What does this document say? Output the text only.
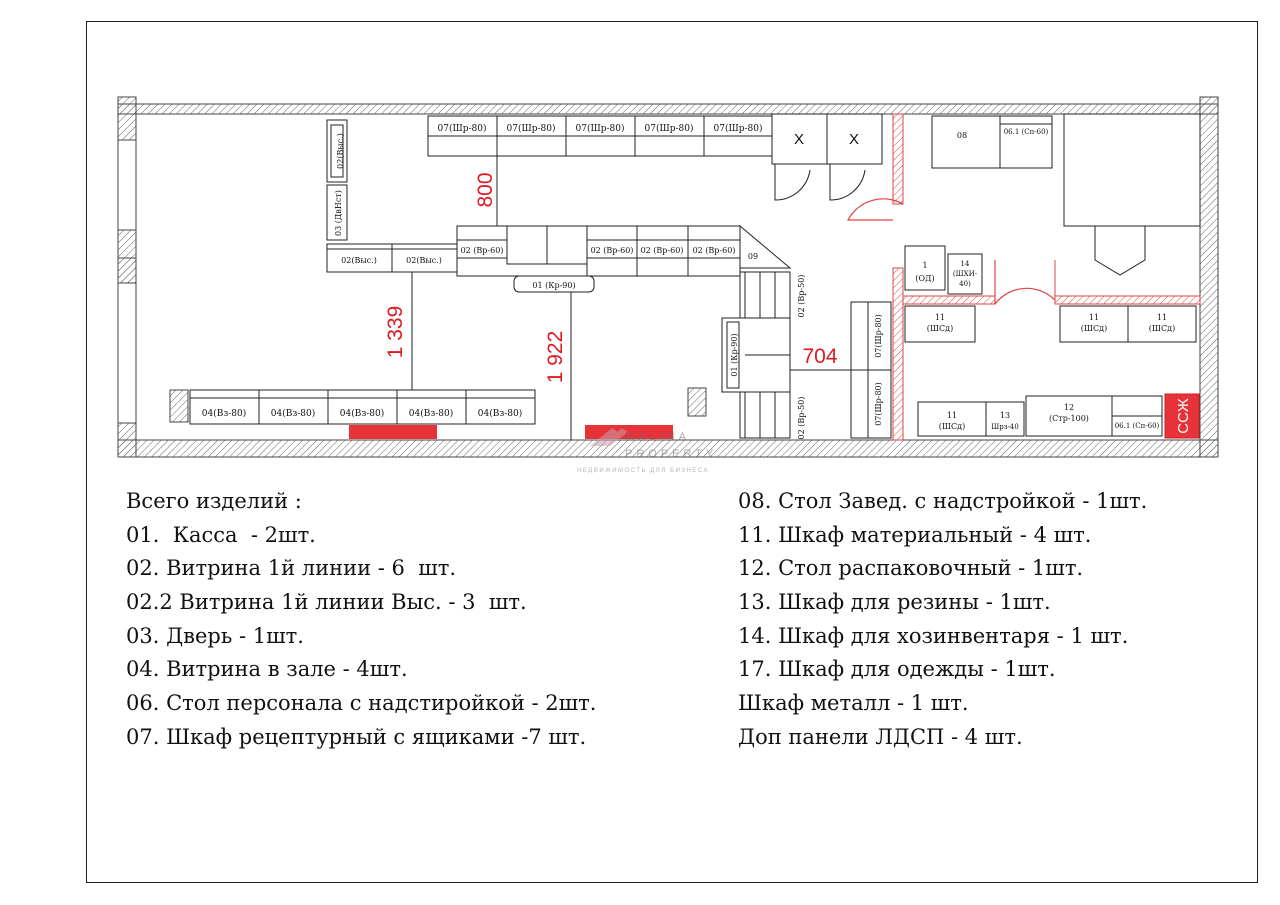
07(Шр-80) 07(Шр-80) 07(Шр-80) 07(Шр-80) 07(Шр-80)
X	X
02(Выс.)
03 (ДвНст)
02(Выс.)	02(Выс.)
02 (Вр-60)	02 (Вр-60) 02 (Вр-60) 02 (Вр-60)
01 (Кр-90)
09
01 (Кр-90)
02 (Вр-50)
02 (Вр-50)
07(Шр-80)
07(Шр-80)
04(Вз-80)	04(Вз-80)	04(Вз-80)	04(Вз-80)	04(Вз-80)
800
1 339	1 922	704
08	06.1 (Сп-60)
1
(ОД)
14
(ШХИ-
40)
11
(ШСд)
11
(ШСд)
11
(ШСд)
11
(ШСд)
13
Шрз-40
12
(Стр-100)
06.1 (Сп-60) ССЖ
MALINA
PROPERTY
НЕДВИЖИМОСТЬ ДЛЯ БИЗНЕСА
Всего изделий :
01.  Касса  - 2шт.
02. Витрина 1й линии - 6  шт.
02.2 Витрина 1й линии Выс. - 3  шт.
03. Дверь - 1шт.
04. Витрина в зале - 4шт.
06. Стол персонала с надстиройкой - 2шт.
07. Шкаф рецептурный с ящиками -7 шт.
08. Стол Завед. с надстройкой - 1шт.
11. Шкаф материальный - 4 шт.
12. Стол распаковочный - 1шт.
13. Шкаф для резины - 1шт.
14. Шкаф для хозинвентаря - 1 шт.
17. Шкаф для одежды - 1шт.
Шкаф металл - 1 шт.
Доп панели ЛДСП - 4 шт.
